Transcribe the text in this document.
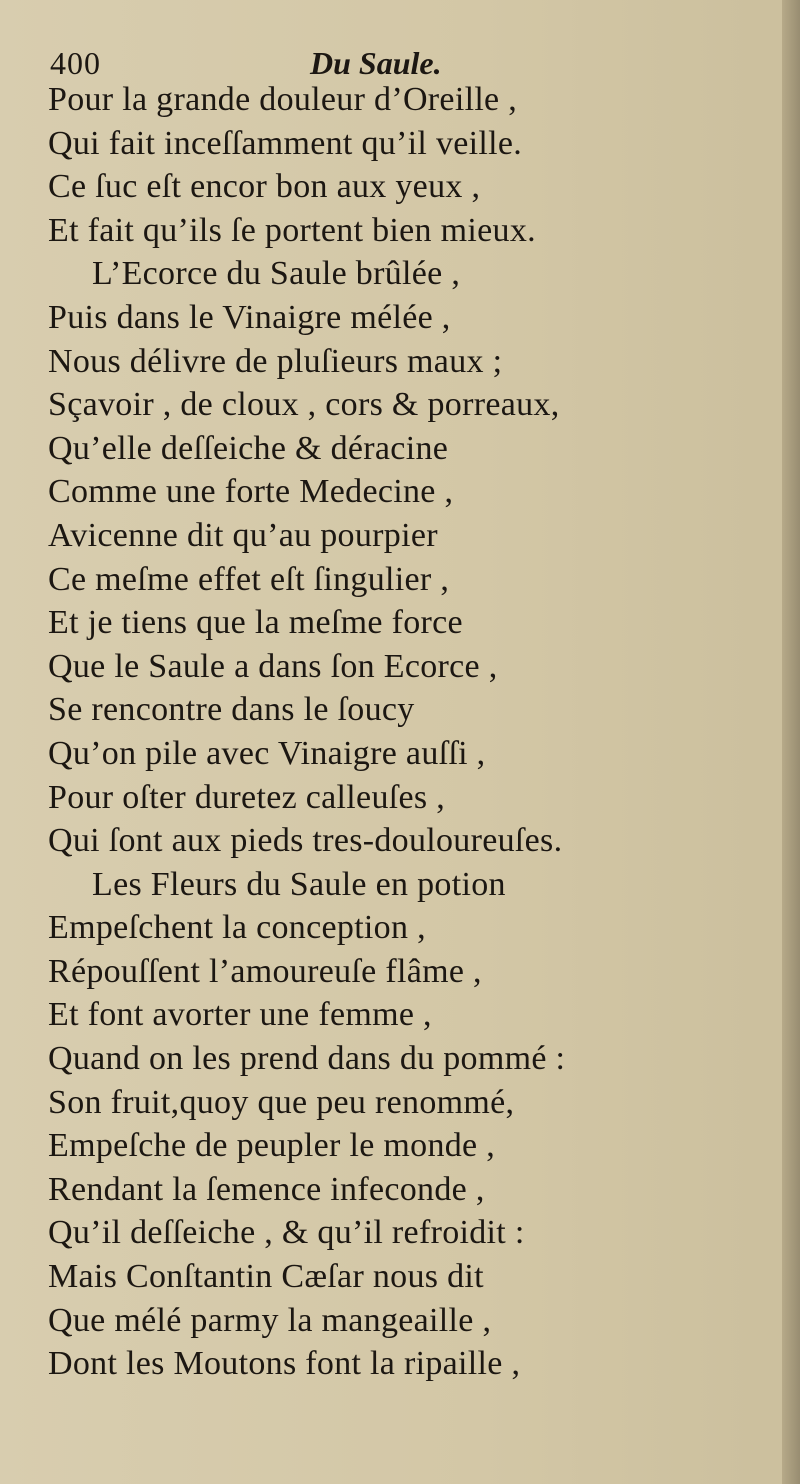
400	Du Saule.
Pour la grande douleur d’Oreille ,
Qui fait inceſſamment qu’il veille.
Ce ſuc eſt encor bon aux yeux ,
Et fait qu’ils ſe portent bien mieux.
L’Ecorce du Saule brûlée ,
Puis dans le Vinaigre mélée ,
Nous délivre de pluſieurs maux ;
Sçavoir , de cloux , cors & porreaux,
Qu’elle deſſeiche & déracine
Comme une forte Medecine ,
Avicenne dit qu’au pourpier
Ce meſme effet eſt ſingulier ,
Et je tiens que la meſme force
Que le Saule a dans ſon Ecorce ,
Se rencontre dans le ſoucy
Qu’on pile avec Vinaigre auſſi ,
Pour oſter duretez calleuſes ,
Qui ſont aux pieds tres-douloureuſes.
Les Fleurs du Saule en potion
Empeſchent la conception ,
Répouſſent l’amoureuſe flâme ,
Et font avorter une femme ,
Quand on les prend dans du pommé :
Son fruit,quoy que peu renommé,
Empeſche de peupler le monde ,
Rendant la ſemence infeconde ,
Qu’il deſſeiche , & qu’il refroidit :
Mais Conſtantin Cæſar nous dit
Que mélé parmy la mangeaille ,
Dont les Moutons font la ripaille ,
